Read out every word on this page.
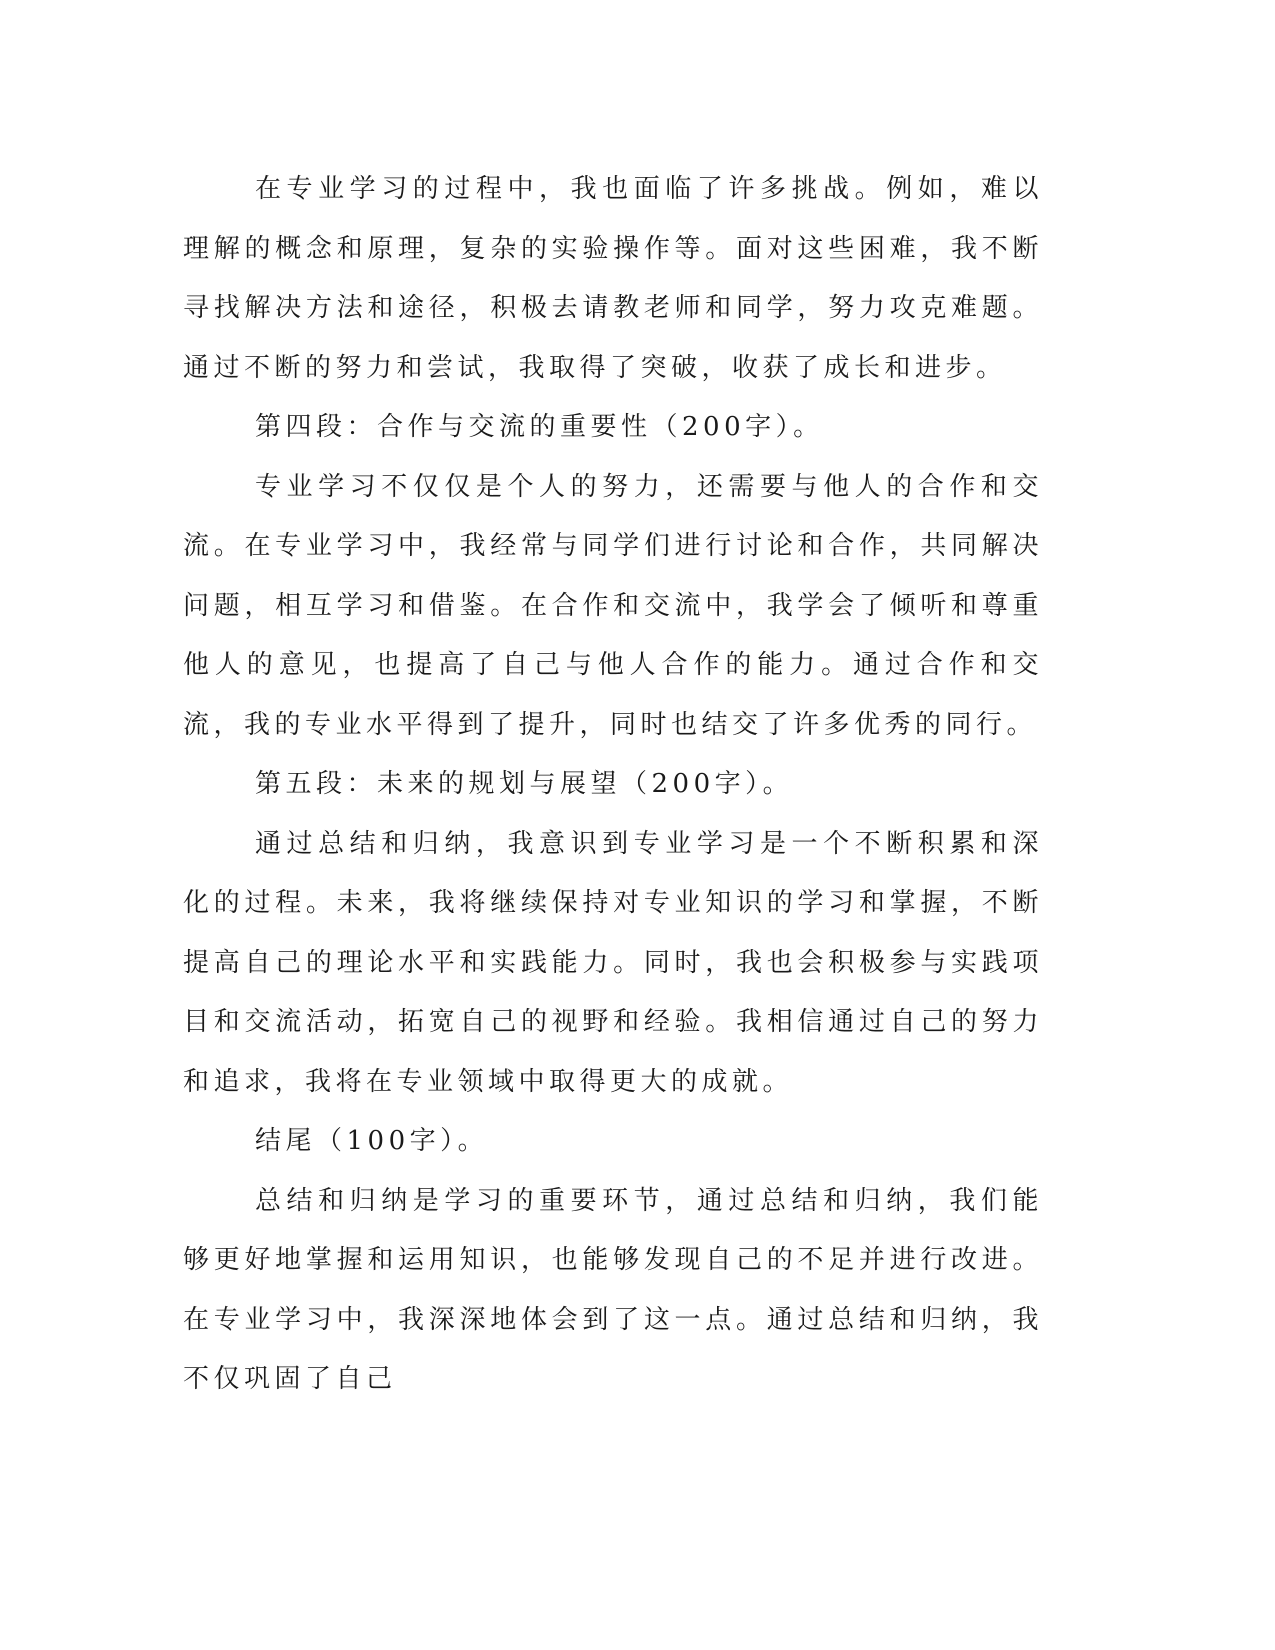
在专业学习的过程中，我也面临了许多挑战。例如，难以理解的概念和原理，复杂的实验操作等。面对这些困难，我不断寻找解决方法和途径，积极去请教老师和同学，努力攻克难题。通过不断的努力和尝试，我取得了突破，收获了成长和进步。

第四段：合作与交流的重要性（200字）。

专业学习不仅仅是个人的努力，还需要与他人的合作和交流。在专业学习中，我经常与同学们进行讨论和合作，共同解决问题，相互学习和借鉴。在合作和交流中，我学会了倾听和尊重他人的意见，也提高了自己与他人合作的能力。通过合作和交流，我的专业水平得到了提升，同时也结交了许多优秀的同行。

第五段：未来的规划与展望（200字）。

通过总结和归纳，我意识到专业学习是一个不断积累和深化的过程。未来，我将继续保持对专业知识的学习和掌握，不断提高自己的理论水平和实践能力。同时，我也会积极参与实践项目和交流活动，拓宽自己的视野和经验。我相信通过自己的努力和追求，我将在专业领域中取得更大的成就。

结尾（100字）。

总结和归纳是学习的重要环节，通过总结和归纳，我们能够更好地掌握和运用知识，也能够发现自己的不足并进行改进。在专业学习中，我深深地体会到了这一点。通过总结和归纳，我不仅巩固了自己
